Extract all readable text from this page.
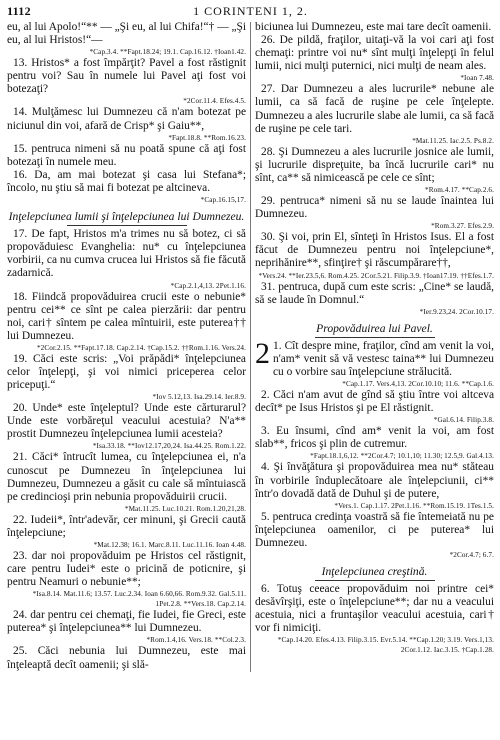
1112	1 CORINTENI 1, 2.

eu, al lui Apolo!“** — „Şi eu, al lui Chifa!“† — „Şi eu, al lui Hristos!“—

*Cap.3.4. **Fapt.18.24; 19.1. Cap.16.12. †Ioan1.42.

13. Hristos* a fost împărţit? Pavel a fost răstignit pentru voi? Sau în numele lui Pavel aţi fost voi botezaţi?

*2Cor.11.4. Efes.4.5.

14. Mulţămesc lui Dumnezeu că n'am botezat pe niciunul din voi, afară de Crisp* şi Gaiu**,

*Fapt.18.8. **Rom.16.23.

15. pentruca nimeni să nu poată spune că aţi fost botezaţi în numele meu.

16. Da, am mai botezat şi casa lui Stefana*; încolo, nu ştiu să mai fi botezat pe altcineva.

*Cap.16.15,17.
Inţelepciunea lumii şi înţelepciunea lui Dumnezeu.

17. De fapt, Hristos m'a trimes nu să botez, ci să propovăduiesc Evanghelia: nu* cu înţelepciunea vorbirii, ca nu cumva crucea lui Hristos să fie făcută zadarnică.

*Cap.2.1,4,13. 2Pet.1.16.

18. Fiindcă propovăduirea crucii este o nebunie* pentru cei** ce sînt pe calea pierzării: dar pentru noi, cari† sîntem pe calea mîntuirii, este puterea†† lui Dumnezeu.

*2Cor.2.15. **Fapt.17.18. Cap.2.14. †Cap.15.2. ††Rom.1.16. Vers.24.

19. Căci este scris: „Voi prăpădi* înţelepciunea celor înţelepţi, şi voi nimici priceperea celor pricepuţi.“

*Iov 5.12,13. Isa.29.14. Ier.8.9.

20. Unde* este înţeleptul? Unde este cărturarul? Unde este vorbăreţul veacului acestuia? N'a** prostit Dumnezeu înţelepciunea lumii acesteia?

*Isa.33.18. **Iov12.17,20,24. Isa.44.25. Rom.1.22.

21. Căci* întrucît lumea, cu înţelepciunea ei, n'a cunoscut pe Dumnezeu în înţelepciunea lui Dumnezeu, Dumnezeu a găsit cu cale să mîntuiască pe credincioşi prin nebunia propovăduirii crucii.

*Mat.11.25. Luc.10.21. Rom.1.20,21,28.

22. Iudeii*, într'adevăr, cer minuni, şi Grecii caută înţelepciune;

*Mat.12.38; 16.1. Marc.8.11. Luc.11.16. Ioan 4.48.

23. dar noi propovăduim pe Hristos cel răstignit, care pentru Iudei* este o pricină de poticnire, şi pentru Neamuri o nebunie**;

*Isa.8.14. Mat.11.6; 13.57. Luc.2.34. Ioan 6.60,66. Rom.9.32. Gal.5.11. 1Pet.2.8. **Vers.18. Cap.2.14.

24. dar pentru cei chemaţi, fie Iudei, fie Greci, este puterea* şi înţelepciunea** lui Dumnezeu.

*Rom.1.4,16. Vers.18. **Col.2.3.

25. Căci nebunia lui Dumnezeu, este mai înţeleaptă decît oamenii; şi slă-

biciunea lui Dumnezeu, este mai tare decît oamenii.

26. De pildă, fraţilor, uitaţi-vă la voi cari aţi fost chemaţi: printre voi nu* sînt mulţi înţelepţi în felul lumii, nici mulţi puternici, nici mulţi de neam ales.

*Ioan 7.48.

27. Dar Dumnezeu a ales lucrurile* nebune ale lumii, ca să facă de ruşine pe cele înţelepte. Dumnezeu a ales lucrurile slabe ale lumii, ca să facă de ruşine pe cele tari.

*Mat.11.25. Iac.2.5. Ps.8.2.

28. Şi Dumnezeu a ales lucrurile josnice ale lumii, şi lucrurile dispreţuite, ba încă lucrurile cari* nu sînt, ca** să nimicească pe cele ce sînt;

*Rom.4.17. **Cap.2.6.

29. pentruca* nimeni să nu se laude înaintea lui Dumnezeu.

*Rom.3.27. Efes.2.9.

30. Şi voi, prin El, sînteţi în Hristos Isus. El a fost făcut de Dumnezeu pentru noi înţelepciune*, neprihănire**, sfinţire† şi răscumpărare††,

*Vers.24. **Ier.23.5,6. Rom.4.25. 2Cor.5.21. Filip.3.9. †Ioan17.19. ††Efes.1.7.

31. pentruca, după cum este scris: „Cine* se laudă, să se laude în Domnul.“

*Ier.9.23,24. 2Cor.10.17.
Propovăduirea lui Pavel.
2 1. Cît despre mine, fraţilor, cînd am venit la voi, n'am* venit să vă vestesc taina** lui Dumnezeu cu o vorbire sau înţelepciune strălucită.

*Cap.1.17. Vers.4,13. 2Cor.10.10; 11.6. **Cap.1.6.

2. Căci n'am avut de gînd să ştiu între voi altceva decît* pe Isus Hristos şi pe El răstignit.

*Gal.6.14. Filip.3.8.

3. Eu însumi, cînd am* venit la voi, am fost slab**, fricos şi plin de cutremur.

*Fapt.18.1,6,12. **2Cor.4.7; 10.1,10; 11.30; 12.5,9. Gal.4.13.

4. Şi învăţătura şi propovăduirea mea nu* stăteau în vorbirile înduplecătoare ale înţelepciunii, ci** într'o dovadă dată de Duhul şi de putere,

*Vers.1. Cap.1.17. 2Pet.1.16. **Rom.15.19. 1Tes.1.5.

5. pentruca credinţa voastră să fie întemeiată nu pe înţelepciunea oamenilor, ci pe puterea* lui Dumnezeu.

*2Cor.4.7; 6.7.
Inţelepciunea creştină.

6. Totuş ceeace propovăduim noi printre cei* desăvîrşiţi, este o înţelepciune**; dar nu a veacului acestuia, nici a fruntaşilor veacului acestuia, cari† vor fi nimiciţi.

*Cap.14.20. Efes.4.13. Filip.3.15. Evr.5.14. **Cap.1.20; 3.19. Vers.1,13. 2Cor.1.12. Iac.3.15. †Cap.1.28.
